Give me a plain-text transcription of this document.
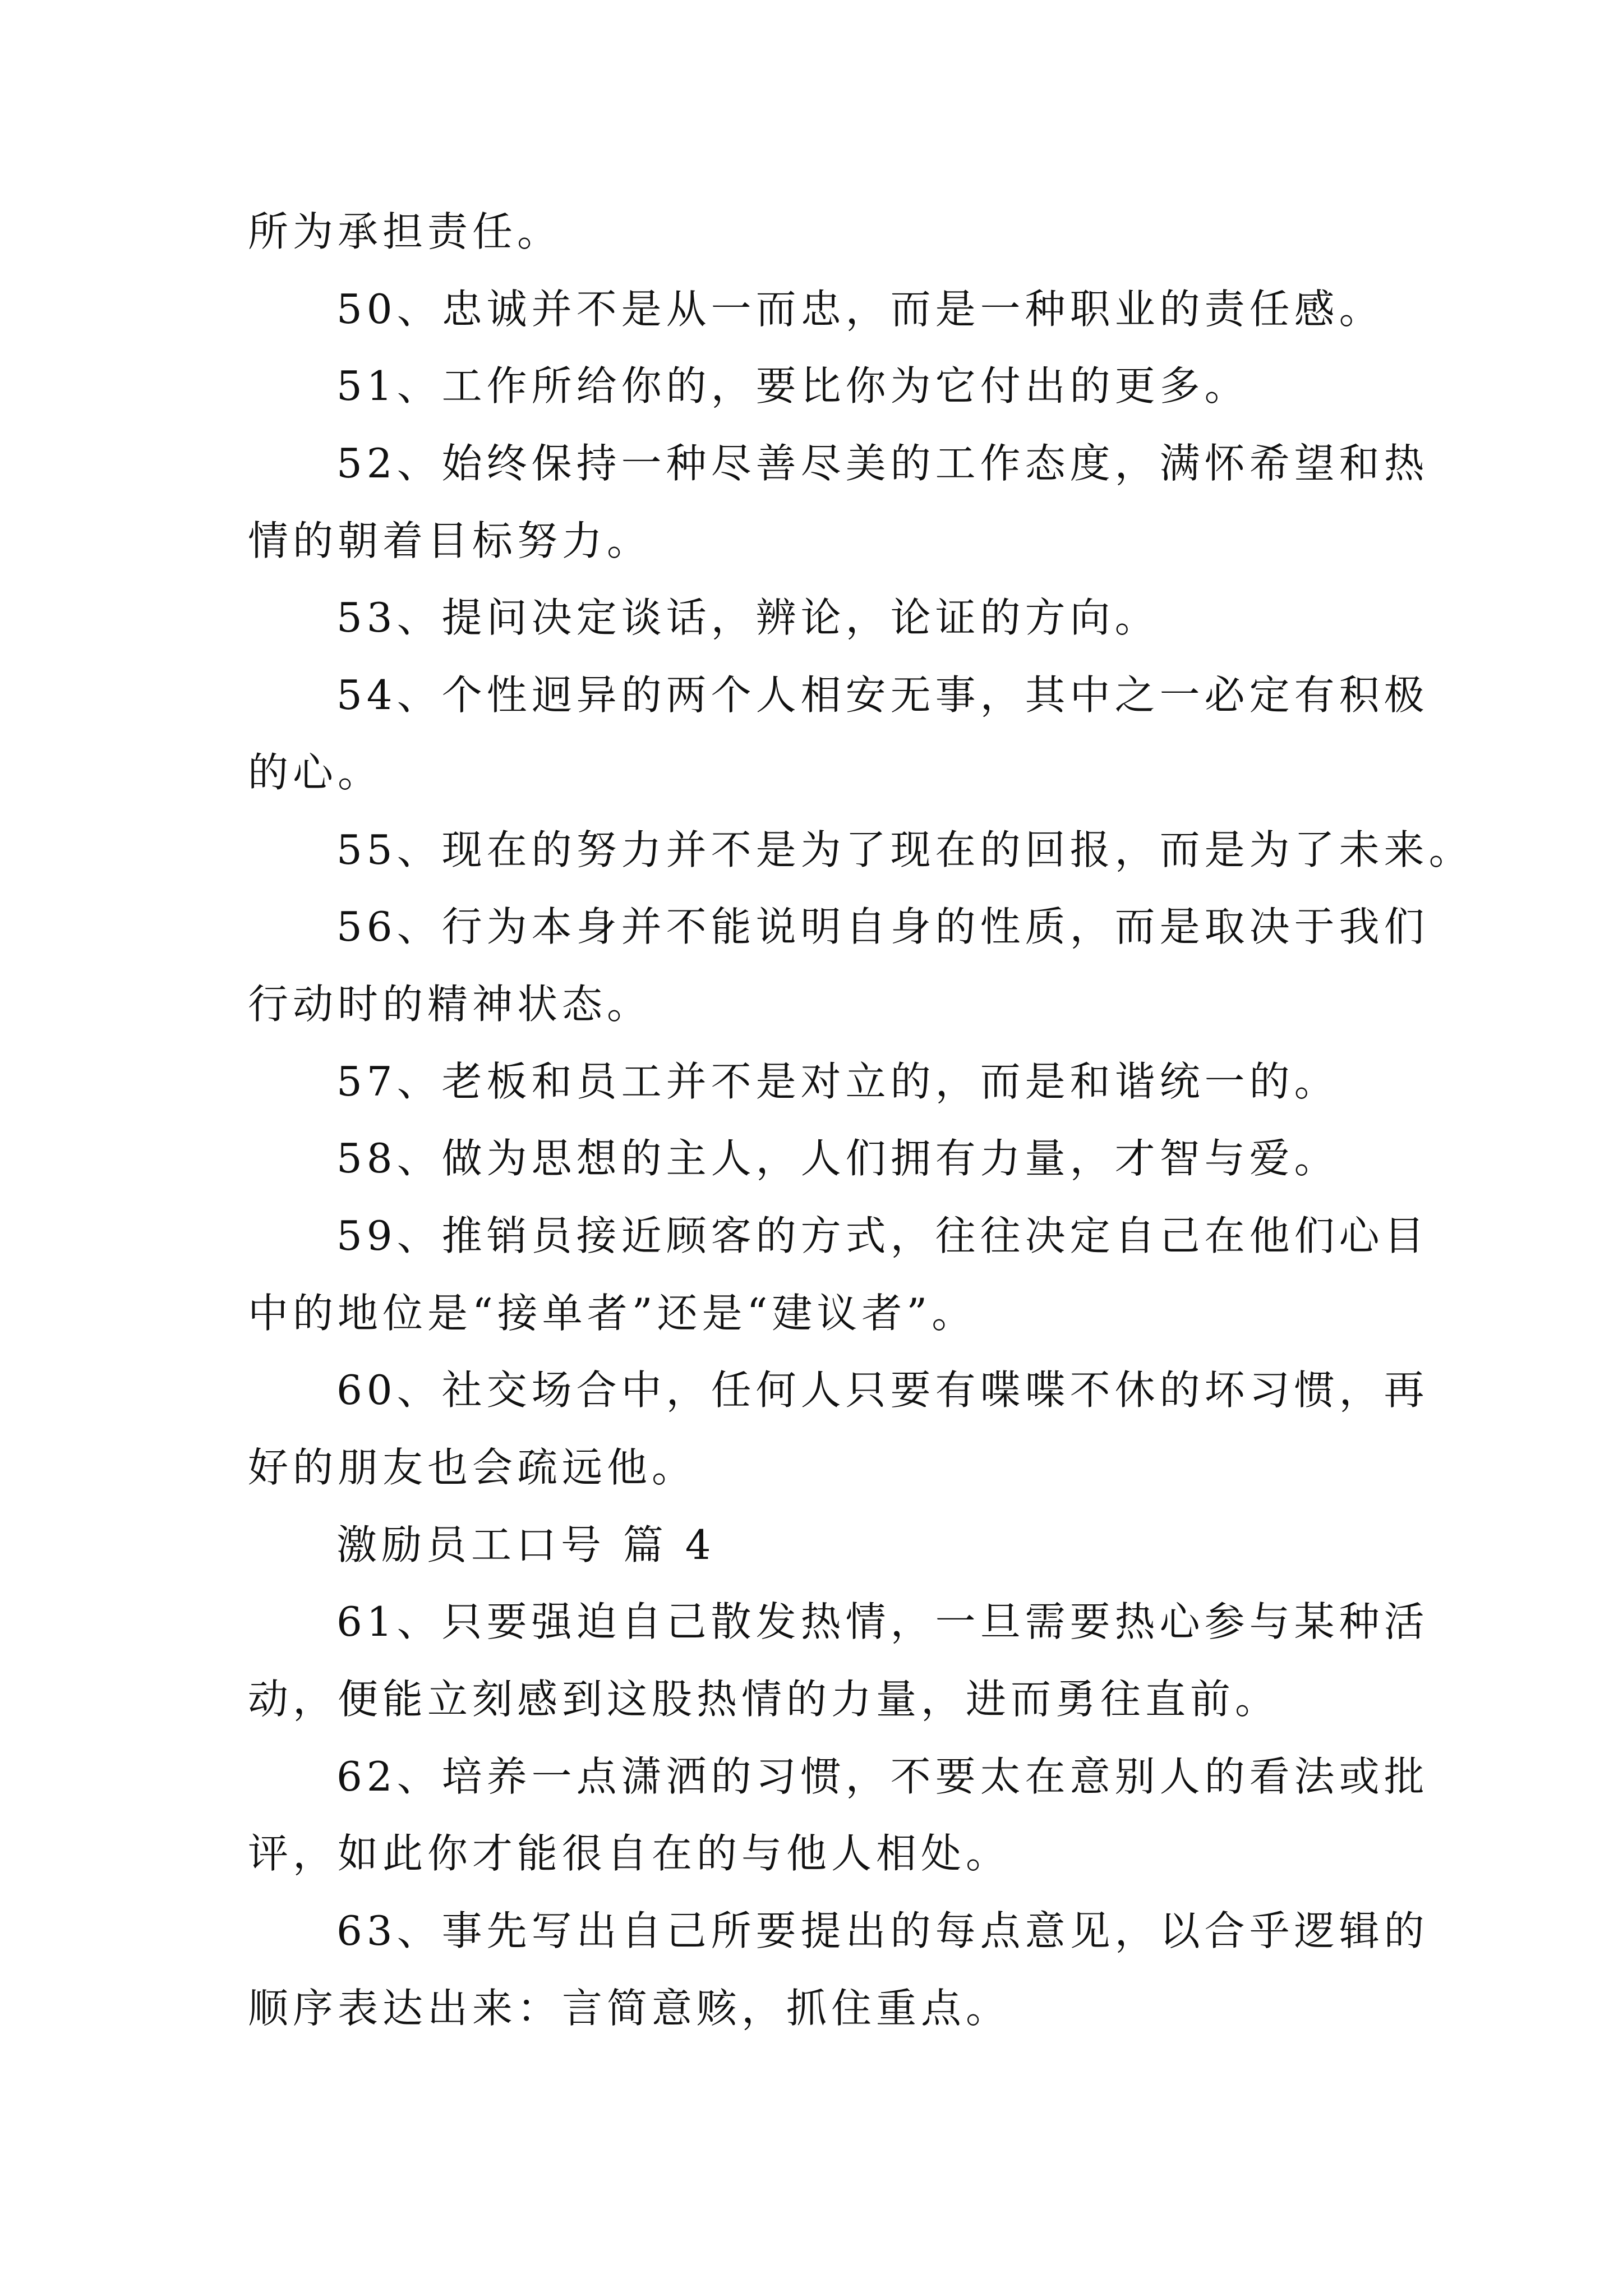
所为承担责任。
50、忠诚并不是从一而忠，而是一种职业的责任感。
51、工作所给你的，要比你为它付出的更多。
52、始终保持一种尽善尽美的工作态度，满怀希望和热
情的朝着目标努力。
53、提问决定谈话，辨论，论证的方向。
54、个性迥异的两个人相安无事，其中之一必定有积极
的心。
55、现在的努力并不是为了现在的回报，而是为了未来。
56、行为本身并不能说明自身的性质，而是取决于我们
行动时的精神状态。
57、老板和员工并不是对立的，而是和谐统一的。
58、做为思想的主人，人们拥有力量，才智与爱。
59、推销员接近顾客的方式，往往决定自己在他们心目
中的地位是“接单者”还是“建议者”。
60、社交场合中，任何人只要有喋喋不休的坏习惯，再
好的朋友也会疏远他。
激励员工口号 篇 4
61、只要强迫自己散发热情，一旦需要热心参与某种活
动，便能立刻感到这股热情的力量，进而勇往直前。
62、培养一点潇洒的习惯，不要太在意别人的看法或批
评，如此你才能很自在的与他人相处。
63、事先写出自己所要提出的每点意见，以合乎逻辑的
顺序表达出来：言简意赅，抓住重点。
